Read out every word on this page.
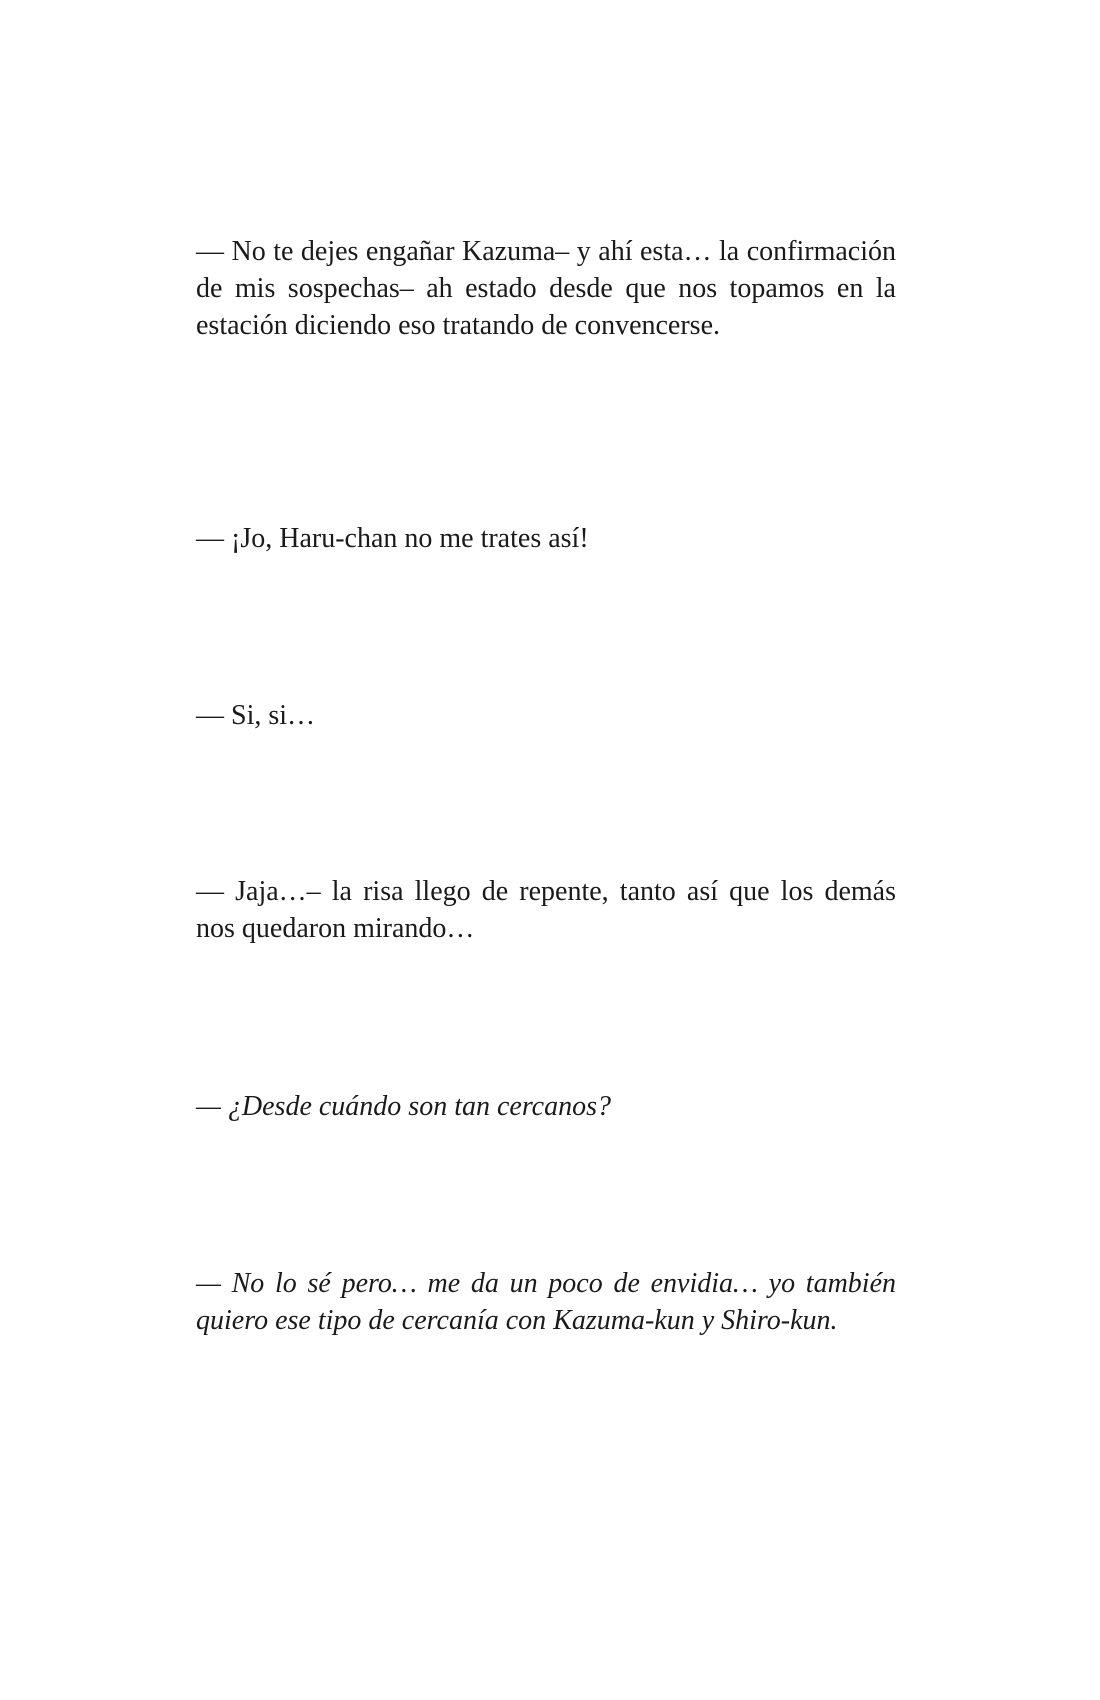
— No te dejes engañar Kazuma– y ahí esta… la confirmación de mis sospechas– ah estado desde que nos topamos en la estación diciendo eso tratando de convencerse.

— ¡Jo, Haru-chan no me trates así!

— Si, si…

— Jaja…– la risa llego de repente, tanto así que los demás nos quedaron mirando…

— ¿Desde cuándo son tan cercanos?

— No lo sé pero… me da un poco de envidia… yo también quiero ese tipo de cercanía con Kazuma-kun y Shiro-kun.
